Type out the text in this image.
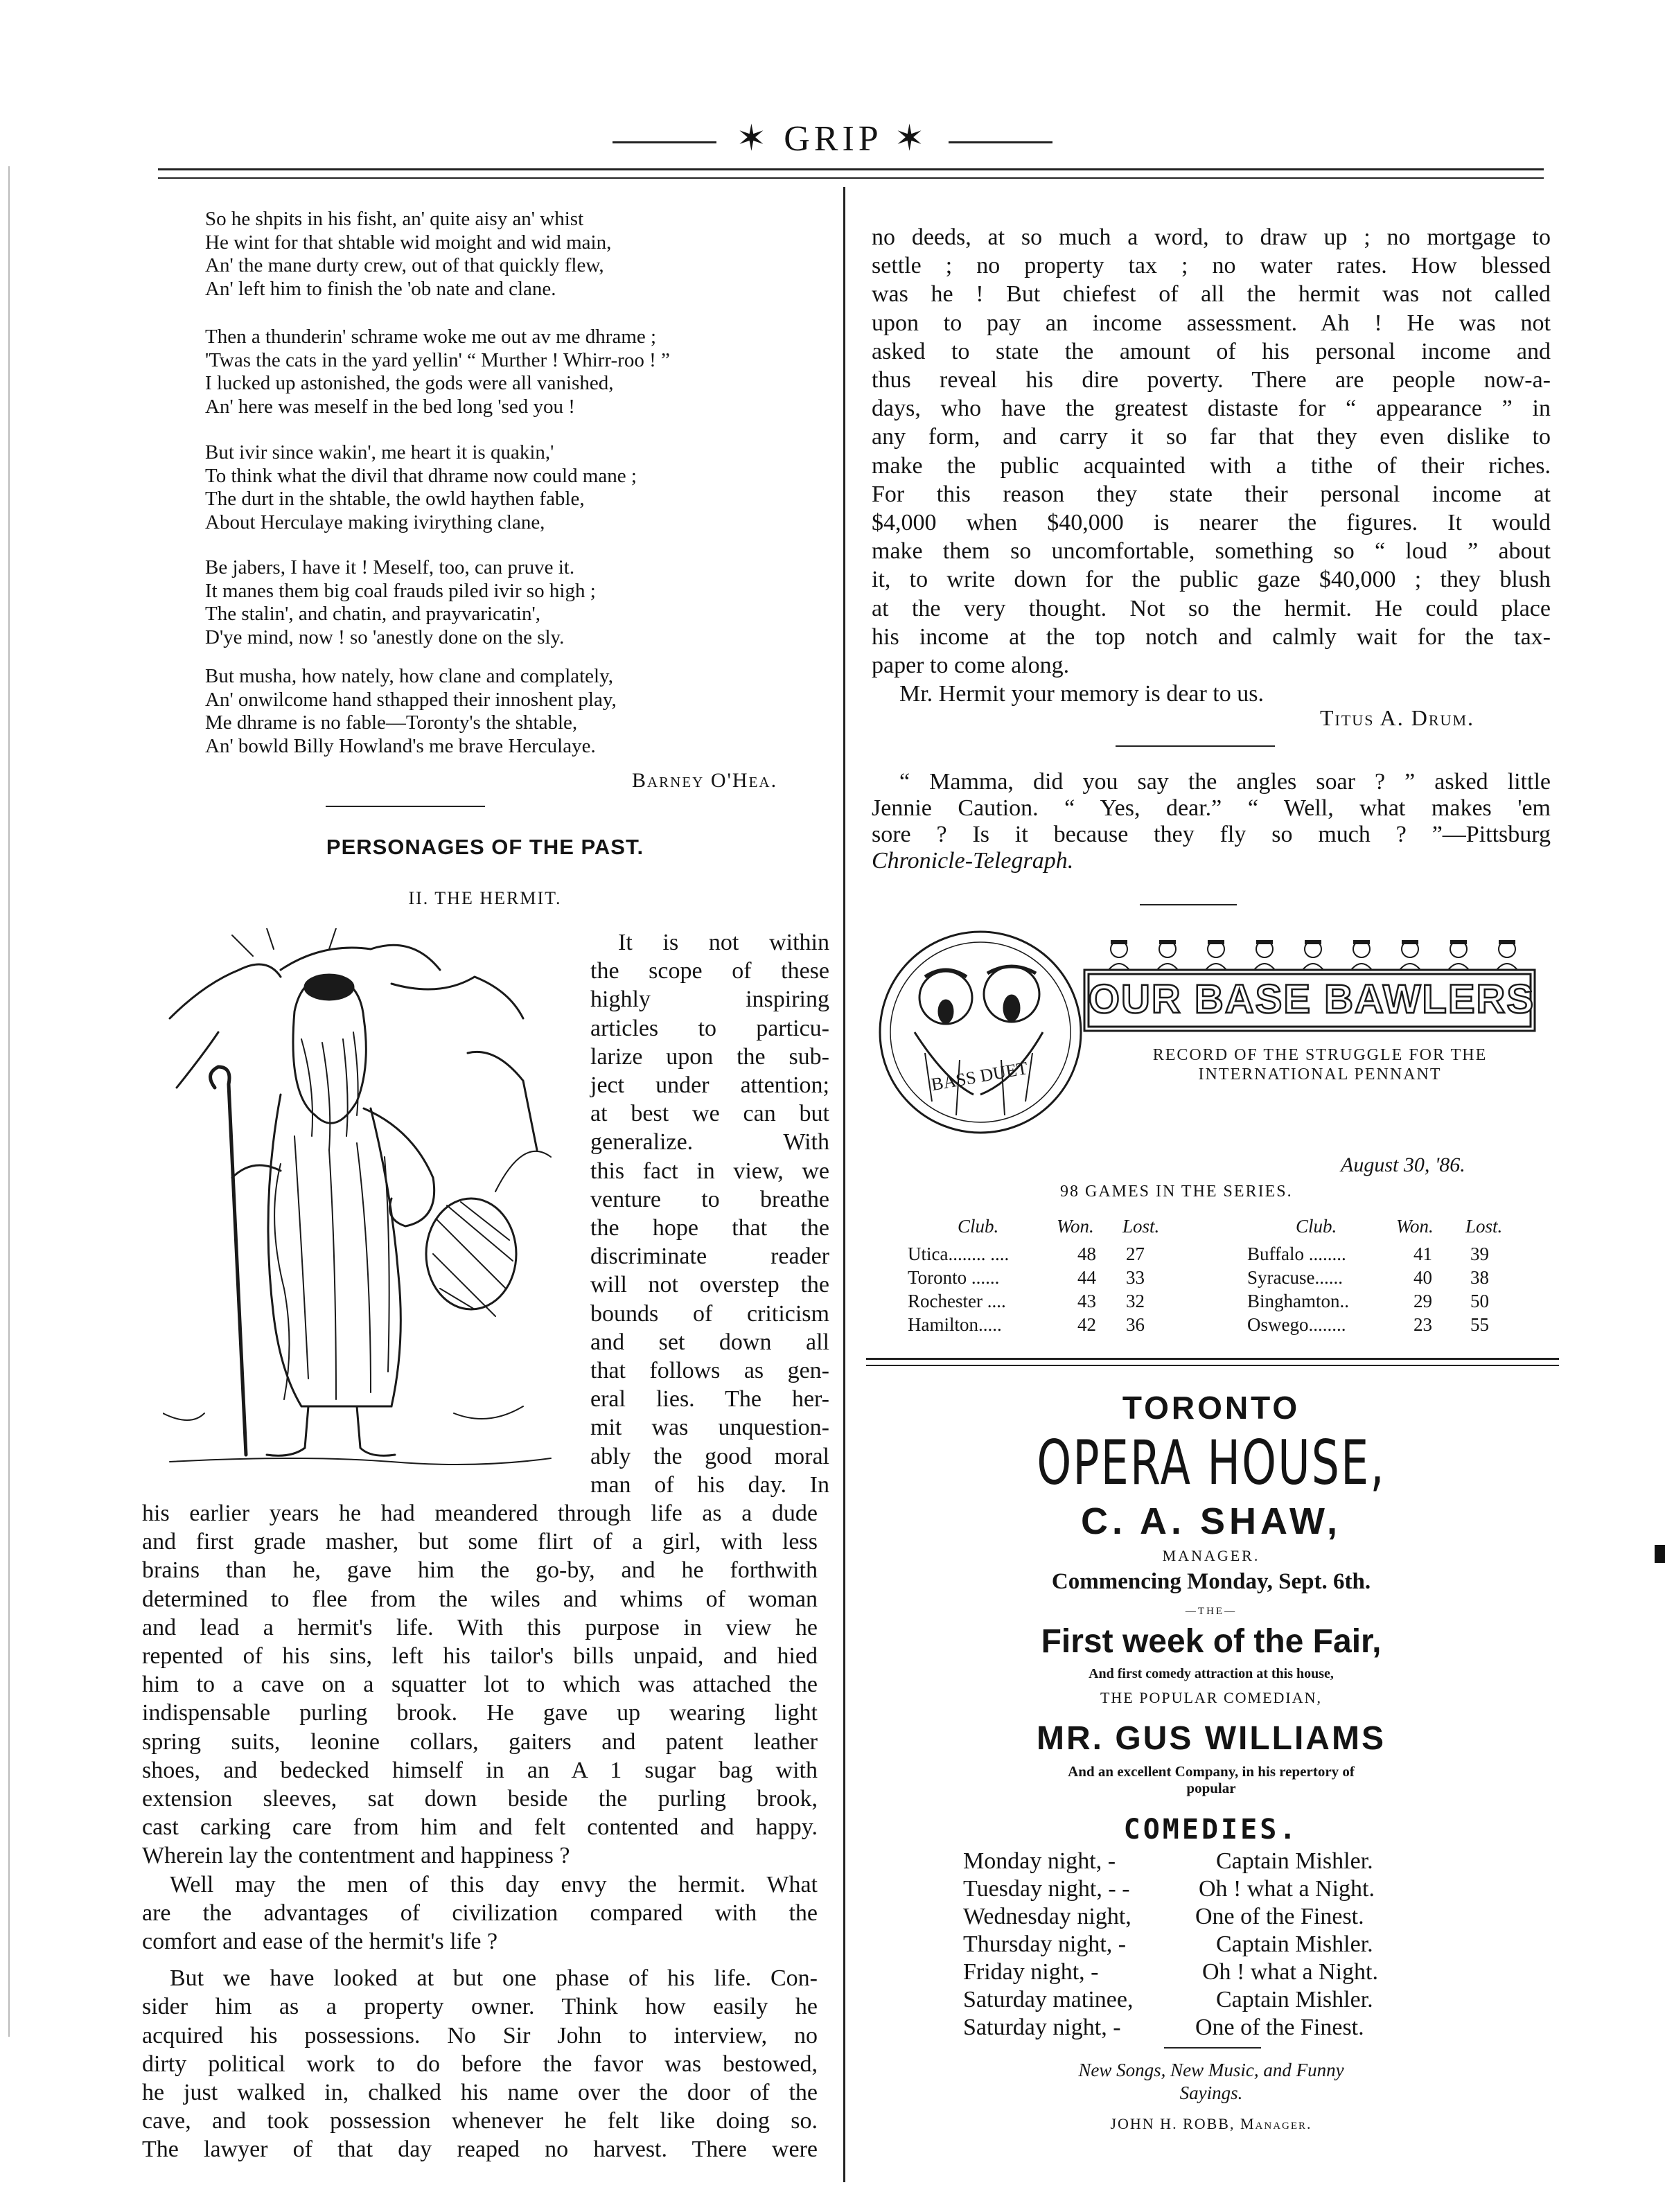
✶ GRIP ✶
So he shpits in his fisht, an' quite aisy an' whist
He wint for that shtable wid moight and wid main,
An' the mane durty crew, out of that quickly flew,
An' left him to finish the 'ob nate and clane.
Then a thunderin' schrame woke me out av me dhrame ;
'Twas the cats in the yard yellin' “ Murther ! Whirr-roo ! ”
I lucked up astonished, the gods were all vanished,
An' here was meself in the bed long 'sed you !
But ivir since wakin', me heart it is quakin,'
To think what the divil that dhrame now could mane ;
The durt in the shtable, the owld haythen fable,
About Herculaye making ivirything clane,
Be jabers, I have it ! Meself, too, can pruve it.
It manes them big coal frauds piled ivir so high ;
The stalin', and chatin, and prayvaricatin',
D'ye mind, now ! so 'anestly done on the sly.
But musha, how nately, how clane and complately,
An' onwilcome hand sthapped their innoshent play,
Me dhrame is no fable—Toronty's the shtable,
An' bowld Billy Howland's me brave Herculaye.
Barney O'Hea.
PERSONAGES OF THE PAST.
II. THE HERMIT.
It is not within
the scope of these
highly inspiring
articles to particu-
larize upon the sub-
ject under attention;
at best we can but
generalize. With
this fact in view, we
venture to breathe
the hope that the
discriminate reader
will not overstep the
bounds of criticism
and set down all
that follows as gen-
eral lies. The her-
mit was unquestion-
ably the good moral
man of his day. In
his earlier years he had meandered through life as a dude
and first grade masher, but some flirt of a girl, with less
brains than he, gave him the go-by, and he forthwith
determined to flee from the wiles and whims of woman
and lead a hermit's life. With this purpose in view he
repented of his sins, left his tailor's bills unpaid, and hied
him to a cave on a squatter lot to which was attached the
indispensable purling brook. He gave up wearing light
spring suits, leonine collars, gaiters and patent leather
shoes, and bedecked himself in an A 1 sugar bag with
extension sleeves, sat down beside the purling brook,
cast carking care from him and felt contented and happy.
Wherein lay the contentment and happiness ?
Well may the men of this day envy the hermit. What
are the advantages of civilization compared with the
comfort and ease of the hermit's life ?
But we have looked at but one phase of his life. Con-
sider him as a property owner. Think how easily he
acquired his possessions. No Sir John to interview, no
dirty political work to do before the favor was bestowed,
he just walked in, chalked his name over the door of the
cave, and took possession whenever he felt like doing so.
The lawyer of that day reaped no harvest. There were
no deeds, at so much a word, to draw up ; no mortgage to
settle ; no property tax ; no water rates. How blessed
was he ! But chiefest of all the hermit was not called
upon to pay an income assessment. Ah ! He was not
asked to state the amount of his personal income and
thus reveal his dire poverty. There are people now-a-
days, who have the greatest distaste for “ appearance ” in
any form, and carry it so far that they even dislike to
make the public acquainted with a tithe of their riches.
For this reason they state their personal income at
$4,000 when $40,000 is nearer the figures. It would
make them so uncomfortable, something so “ loud ” about
it, to write down for the public gaze $40,000 ; they blush
at the very thought. Not so the hermit. He could place
his income at the top notch and calmly wait for the tax-
paper to come along.
Mr. Hermit your memory is dear to us.
Titus A. Drum.
“ Mamma, did you say the angles soar ? ” asked little
Jennie Caution. “ Yes, dear.” “ Well, what makes 'em
sore ? Is it because they fly so much ? ”—Pittsburg
Chronicle-Telegraph.
OUR BASE BAWLERS
BASS DUET
RECORD OF THE STRUGGLE FOR THE
INTERNATIONAL PENNANT
August 30, '86.
98 GAMES IN THE SERIES.
Club.	Won. Lost.	Club.	Won. Lost.
Utica........ ....	48 27
Toronto ......	44 33
Rochester ....	43 32
Hamilton.....	42 36
Buffalo ........	41 39
Syracuse......	40 38
Binghamton..	29 50
Oswego........	23 55
TORONTO
OPERA HOUSE,
C. A. SHAW,
MANAGER.
Commencing Monday, Sept. 6th.
—THE—
First week of the Fair,
And first comedy attraction at this house,
THE POPULAR COMEDIAN,
MR. GUS WILLIAMS
And an excellent Company, in his repertory of
popular
COMEDIES.
Monday night, -	Captain Mishler.
Tuesday night, - -	Oh ! what a Night.
Wednesday night,	One of the Finest.
Thursday night, -	Captain Mishler.
Friday night, -	Oh ! what a Night.
Saturday matinee,	Captain Mishler.
Saturday night, -	One of the Finest.
New Songs, New Music, and Funny
Sayings.
JOHN H. ROBB, Manager.
